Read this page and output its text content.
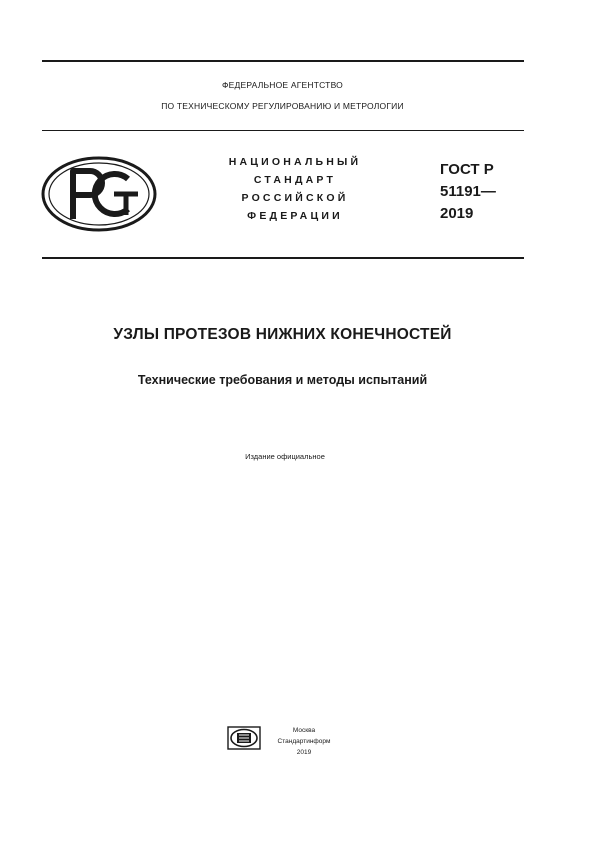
ФЕДЕРАЛЬНОЕ АГЕНТСТВО
ПО ТЕХНИЧЕСКОМУ РЕГУЛИРОВАНИЮ И МЕТРОЛОГИИ
НАЦИОНАЛЬНЫЙ
СТАНДАРТ
РОССИЙСКОЙ
ФЕДЕРАЦИИ
ГОСТ Р
51191—
2019
УЗЛЫ ПРОТЕЗОВ НИЖНИХ КОНЕЧНОСТЕЙ
Технические требования и методы испытаний
Издание официальное
Москва
Стандартинформ
2019
